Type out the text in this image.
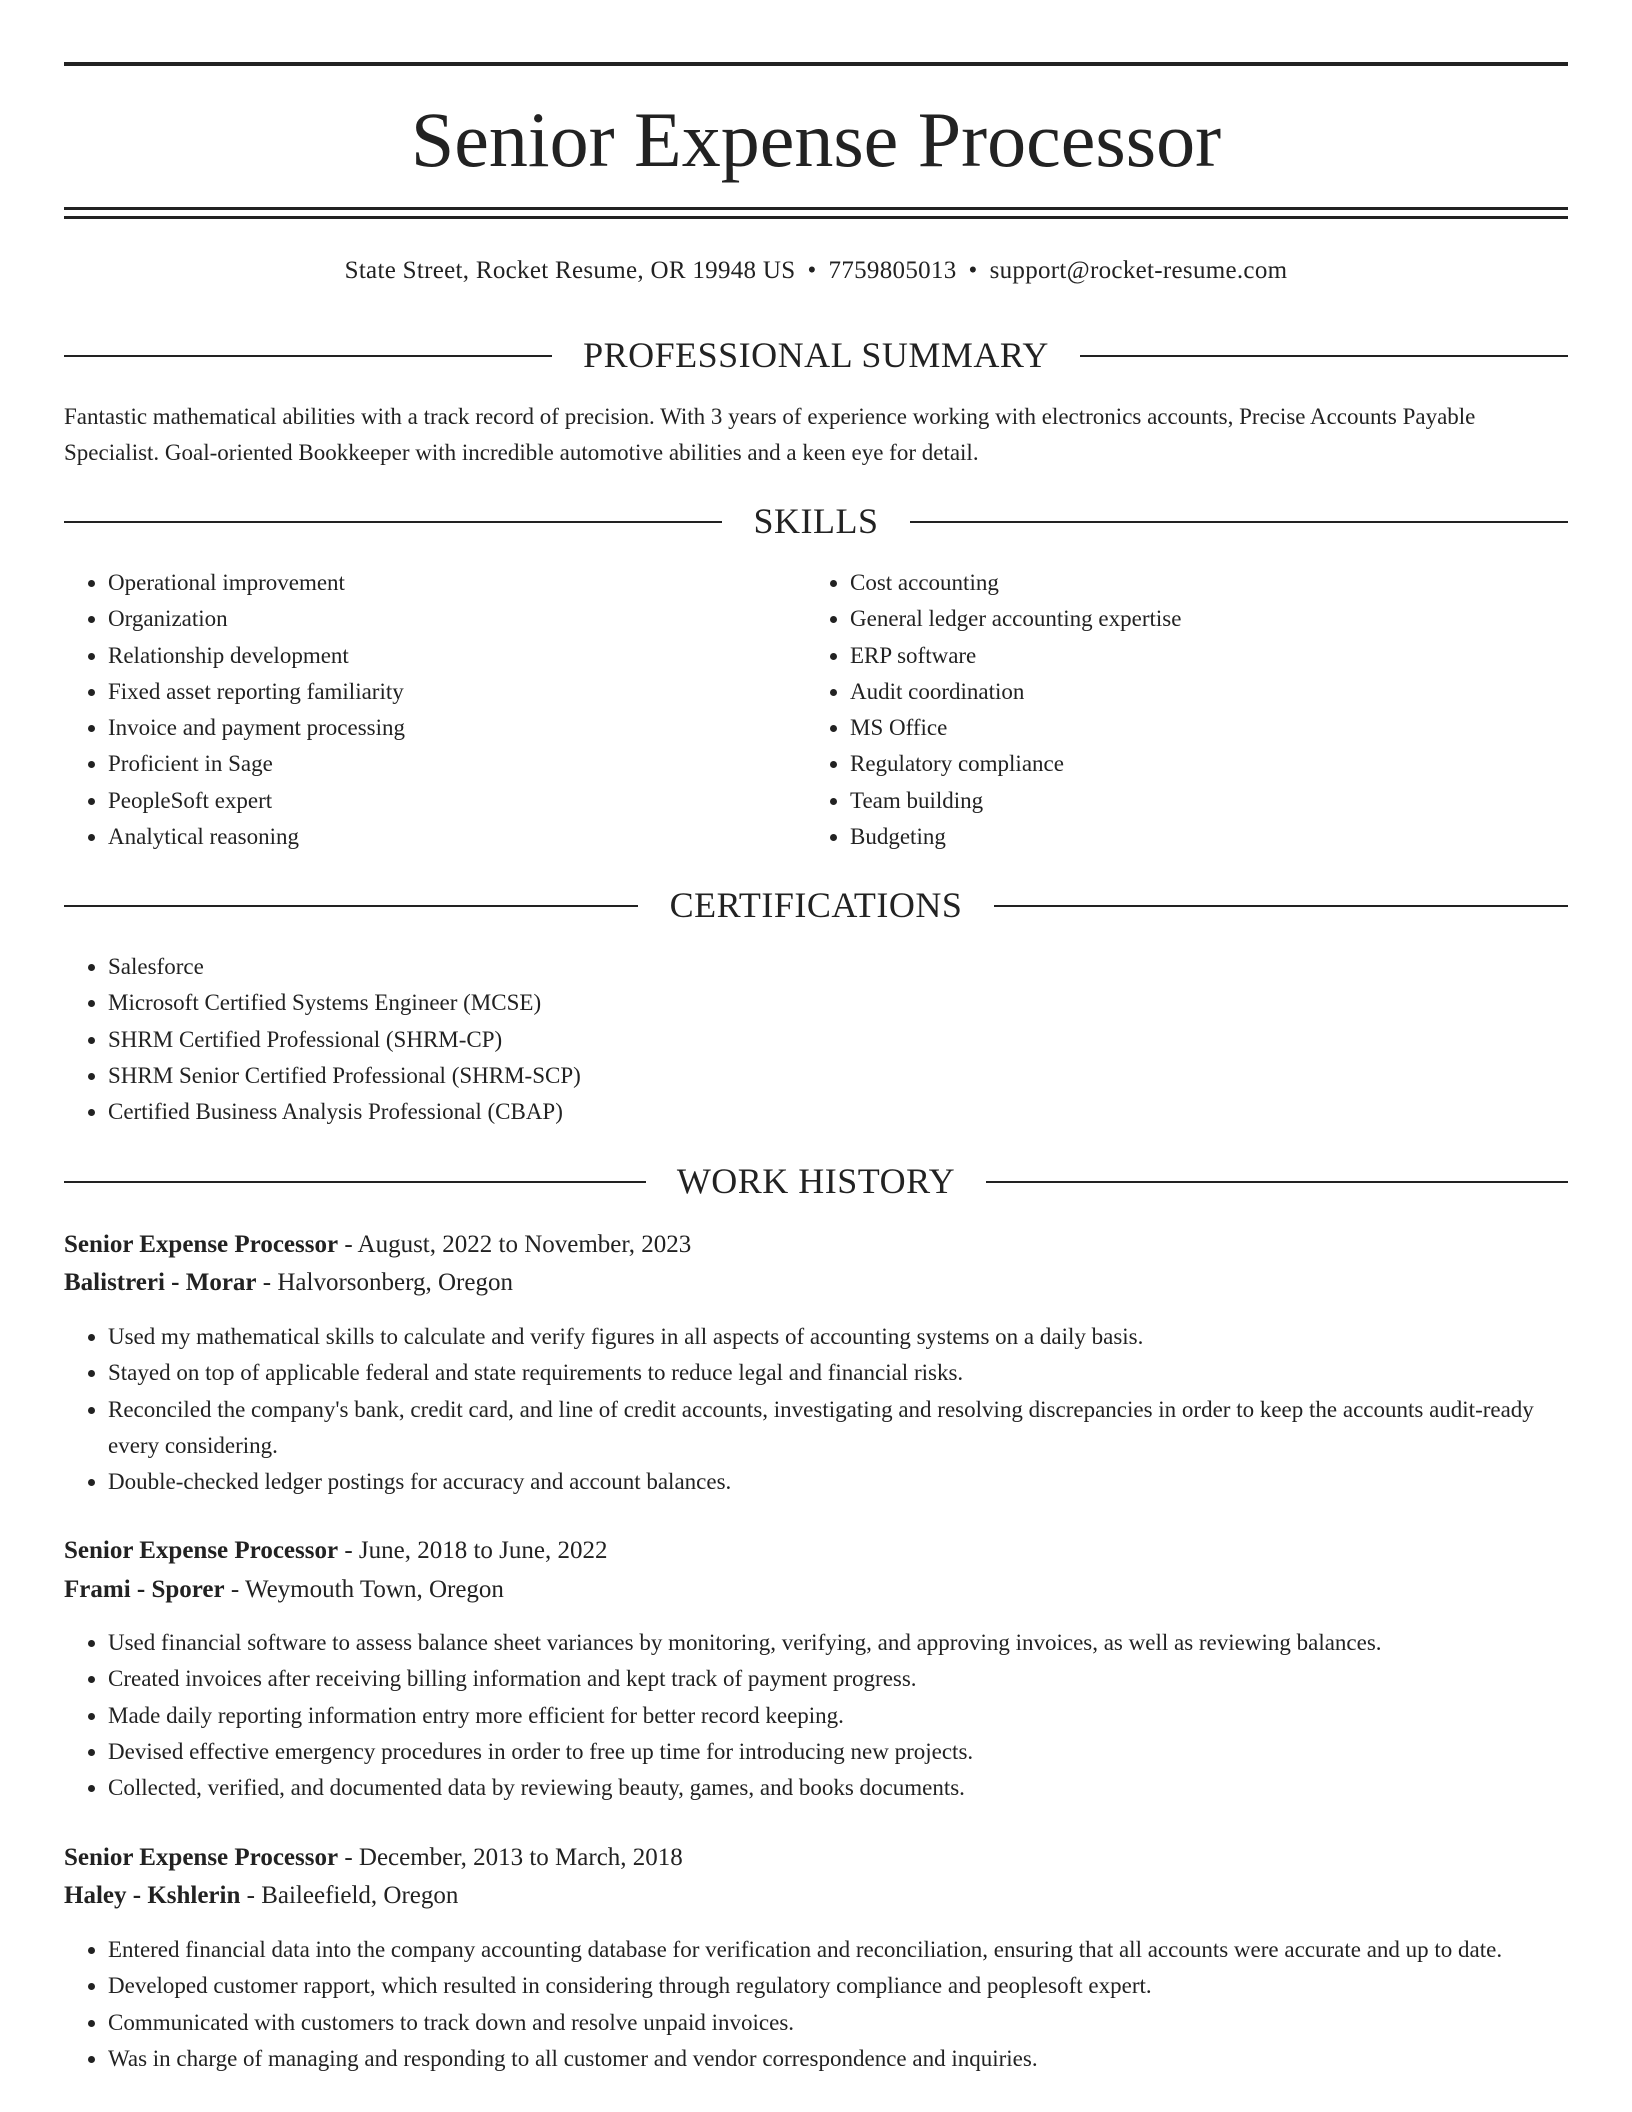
Senior Expense Processor
State Street, Rocket Resume, OR 19948 US • 7759805013 • support@rocket-resume.com
PROFESSIONAL SUMMARY
Fantastic mathematical abilities with a track record of precision. With 3 years of experience working with electronics accounts, Precise Accounts Payable Specialist. Goal-oriented Bookkeeper with incredible automotive abilities and a keen eye for detail.
SKILLS
• Operational improvement
• Organization
• Relationship development
• Fixed asset reporting familiarity
• Invoice and payment processing
• Proficient in Sage
• PeopleSoft expert
• Analytical reasoning
• Cost accounting
• General ledger accounting expertise
• ERP software
• Audit coordination
• MS Office
• Regulatory compliance
• Team building
• Budgeting
CERTIFICATIONS
• Salesforce
• Microsoft Certified Systems Engineer (MCSE)
• SHRM Certified Professional (SHRM-CP)
• SHRM Senior Certified Professional (SHRM-SCP)
• Certified Business Analysis Professional (CBAP)
WORK HISTORY
Senior Expense Processor - August, 2022 to November, 2023
Balistreri - Morar - Halvorsonberg, Oregon
• Used my mathematical skills to calculate and verify figures in all aspects of accounting systems on a daily basis.
• Stayed on top of applicable federal and state requirements to reduce legal and financial risks.
• Reconciled the company's bank, credit card, and line of credit accounts, investigating and resolving discrepancies in order to keep the accounts audit-ready every considering.
• Double-checked ledger postings for accuracy and account balances.
Senior Expense Processor - June, 2018 to June, 2022
Frami - Sporer - Weymouth Town, Oregon
• Used financial software to assess balance sheet variances by monitoring, verifying, and approving invoices, as well as reviewing balances.
• Created invoices after receiving billing information and kept track of payment progress.
• Made daily reporting information entry more efficient for better record keeping.
• Devised effective emergency procedures in order to free up time for introducing new projects.
• Collected, verified, and documented data by reviewing beauty, games, and books documents.
Senior Expense Processor - December, 2013 to March, 2018
Haley - Kshlerin - Baileefield, Oregon
• Entered financial data into the company accounting database for verification and reconciliation, ensuring that all accounts were accurate and up to date.
• Developed customer rapport, which resulted in considering through regulatory compliance and peoplesoft expert.
• Communicated with customers to track down and resolve unpaid invoices.
• Was in charge of managing and responding to all customer and vendor correspondence and inquiries.
